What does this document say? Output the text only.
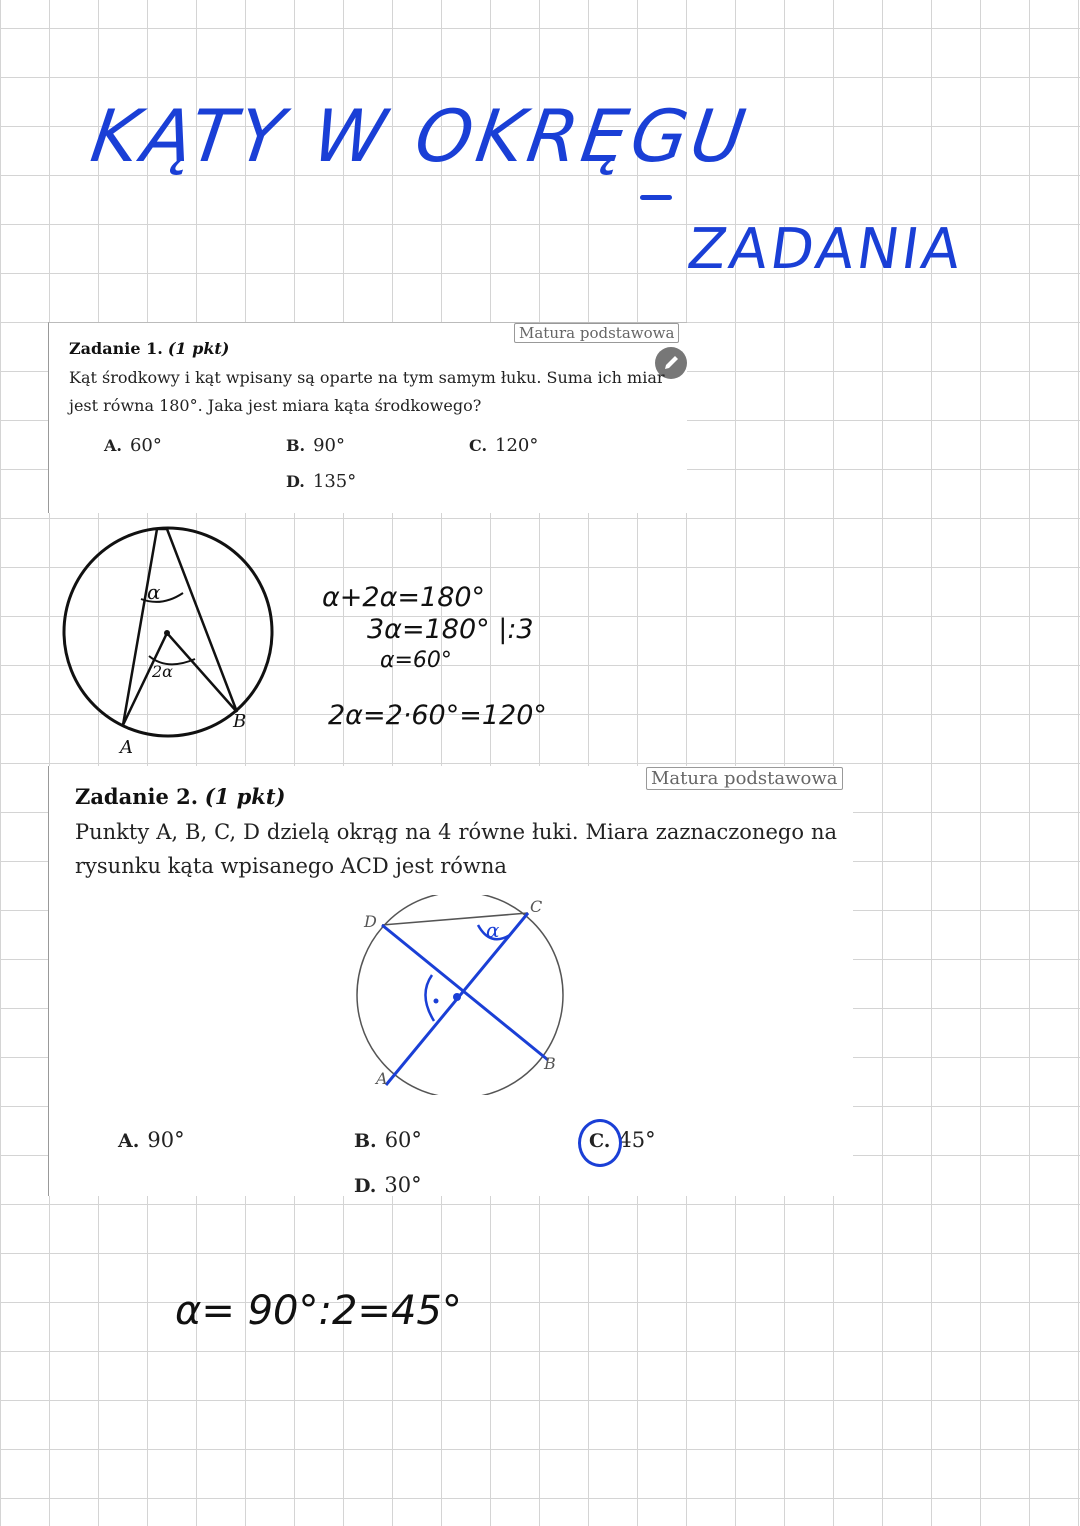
KĄTY W OKRĘGU
ZADANIA
Matura podstawowa
Zadanie 1. (1 pkt)
Kąt środkowy i kąt wpisany są oparte na tym samym łuku. Suma ich miar jest równa 180°. Jaka jest miara kąta środkowego?
A. 60°	B. 90°	C. 120°
D. 135°
α
2α
A
B
α+2α=180°
3α=180° |:3
α=60°
2α=2·60°=120°
Matura podstawowa
Zadanie 2. (1 pkt)
Punkty A, B, C, D dzielą okrąg na 4 równe łuki. Miara zaznaczonego na rysunku kąta wpisanego ACD jest równa
α
D
C
B
A
A. 90°	B. 60°	C. 45°
D. 30°
α= 90°:2=45°
